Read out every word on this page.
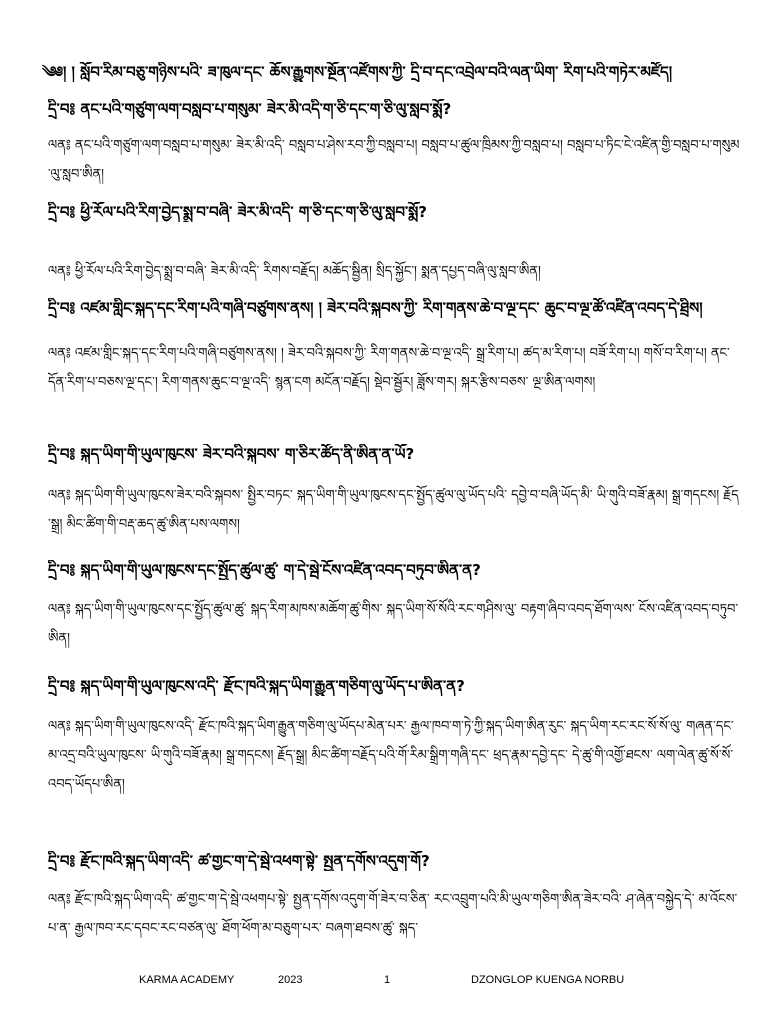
༄༅། ། སློབ་རིམ་བཅུ་གཉིས་པའི་ ཟ་ཁུལ་དང་ ཆོས་རྒྱུགས་སྔོན་འཛོགས་ཀྱི་ དྲི་བ་དང་འབྲེལ་བའི་ལན་ཡིག་ རིག་པའི་གཏེར་མཛོད།
དྲི་བ༔ ནང་པའི་གཙུག་ལག་བསླབ་པ་གསུམ་ ཟེར་མི་འདི་ག་ཅི་དང་ག་ཅི་ལུ་སླབ་སྨོ?
ལན༔ ནང་པའི་གཙུག་ལག་བསླབ་པ་གསུམ་ ཟེར་མི་འདི་ བསླབ་པ་ཤེས་རབ་ཀྱི་བསླབ་པ། བསླབ་པ་ཚུལ་ཁྲིམས་ཀྱི་བསླབ་པ། བསླབ་པ་ཏིང་ངེ་འཛིན་གྱི་བསླབ་པ་གསུམ་ལུ་སླབ་ཨིན།
དྲི་བ༔ ཕྱི་རོལ་པའི་རིག་བྱེད་སྨྲ་བ་བཞི་ ཟེར་མི་འདི་ ག་ཅི་དང་ག་ཅི་ལུ་སླབ་སྨོ?
ལན༔ ཕྱི་རོལ་པའི་རིག་བྱེད་སྨྲ་བ་བཞི་ ཟེར་མི་འདི་ རིགས་བརྗོད། མཆོད་སྦྱིན། སྲིད་སྐྱོང་། སྨན་དཔྱད་བཞི་ལུ་སླབ་ཨིན།
དྲི་བ༔ འཛམ་གླིང་སྐད་དང་རིག་པའི་གཞི་བཙུགས་ནས། ། ཟེར་བའི་སྐབས་ཀྱི་ རིག་གནས་ཆེ་བ་ལྔ་དང་ ཆུང་བ་ལྔ་ཚོ་འཛིན་འབད་དེ་ཐྲིས།
ལན༔ འཛམ་གླིང་སྐད་དང་རིག་པའི་གཞི་བཙུགས་ནས། ། ཟེར་བའི་སྐབས་ཀྱི་ རིག་གནས་ཆེ་བ་ལྔ་འདི་ སྒྲ་རིག་པ། ཚད་མ་རིག་པ། བཟོ་རིག་པ། གསོ་བ་རིག་པ། ནང་དོན་རིག་པ་བཅས་ལྔ་དང་། རིག་གནས་ཆུང་བ་ལྔ་འདི་ སྙན་ངག མངོན་བརྗོད། སྡེབ་སྦྱོར། ཟློས་གར། སྐར་རྩིས་བཅས་ ལྔ་ཨིན་ལགས།
དྲི་བ༔ སྐད་ཡིག་གི་ཡུལ་ཁུངས་ ཟེར་བའི་སྐབས་ ག་ཅིར་ཚོད་ནི་ཨིན་ན་ཡོ?
ལན༔ སྐད་ཡིག་གི་ཡུལ་ཁུངས་ཟེར་བའི་སྐབས་ སྤྱིར་བཏང་ སྐད་ཡིག་གི་ཡུལ་ཁུངས་དང་སྤྱོད་ཚུལ་ལུ་ཡོད་པའི་ དབྱེ་བ་བཞི་ཡོད་མི་ ཡི་གུའི་བཟོ་རྣམ། སྒྲ་གདངས། རྗོད་སྒྲ། མིང་ཚིག་གི་བརྡ་ཆད་ཚུ་ཨིན་པས་ལགས།
དྲི་བ༔ སྐད་ཡིག་གི་ཡུལ་ཁུངས་དང་སྤྱོད་ཚུལ་ཚུ་ ག་དེ་སྦེ་ངོས་འཛིན་འབད་བཏུབ་ཨིན་ན?
ལན༔ སྐད་ཡིག་གི་ཡུལ་ཁུངས་དང་སྤྱོད་ཚུལ་ཚུ་ སྐད་རིག་མཁས་མཆོག་ཚུ་གིས་ སྐད་ཡིག་སོ་སོའི་རང་གཤིས་ལུ་ བརྟག་ཞིབ་འབད་ཐོག་ལས་ ངོས་འཛིན་འབད་བཏུབ་ཨིན།
དྲི་བ༔ སྐད་ཡིག་གི་ཡུལ་ཁུངས་འདི་ རྫོང་ཁའི་སྐད་ཡིག་རྒྱུན་གཅིག་ལུ་ཡོད་པ་ཨིན་ན?
ལན༔ སྐད་ཡིག་གི་ཡུལ་ཁུངས་འདི་ རྫོང་ཁའི་སྐད་ཡིག་རྒྱུན་གཅིག་ལུ་ཡོདཔ་མེན་པར་ རྒྱལ་ཁབ་ག་ཏེ་ཀྱི་སྐད་ཡིག་ཨིན་རུང་ སྐད་ཡིག་རང་རང་སོ་སོ་ལུ་ གཞན་དང་མ་འདྲ་བའི་ཡུལ་ཁུངས་ ཡི་གུའི་བཟོ་རྣམ། སྒྲ་གདངས། རྗོད་སྒྲ། མིང་ཚིག་བརྗོད་པའི་གོ་རིམ་སྒྲིག་གཞི་དང་ ཕྲད་རྣམ་དབྱེ་དང་ དེ་ཚུ་གི་འགྱོ་ཐངས་ ལག་ལེན་ཚུ་སོ་སོ་འབད་ཡོདཔ་ཨིན།
དྲི་བ༔ རྫོང་ཁའི་སྐད་ཡིག་འདི་ ཚ་གྱང་ག་དེ་སྦེ་འཕག་སྟེ་ སྤྱན་དགོས་འདུག་གོ?
ལན༔ རྫོང་ཁའི་སྐད་ཡིག་འདི་ ཚ་གྱང་ག་དེ་སྦེ་འཕགཔ་སྟེ་ སྤྱན་དགོས་འདུག་གོ་ཟེར་བ་ཅིན་ རང་འབྲུག་པའི་མི་ཡུལ་གཅིག་ཨིན་ཟེར་བའི་ ཤ་ཞེན་བསྐྱེད་དེ་ མ་འོངས་པ་ན་ རྒྱལ་ཁབ་རང་དབང་རང་བཙན་ལུ་ ཐོག་ཕོག་མ་བཅུག་པར་ བཞག་ཐབས་ཚུ་ སྐད་
KARMA ACADEMY	2023	1	DZONGLOP KUENGA NORBU
